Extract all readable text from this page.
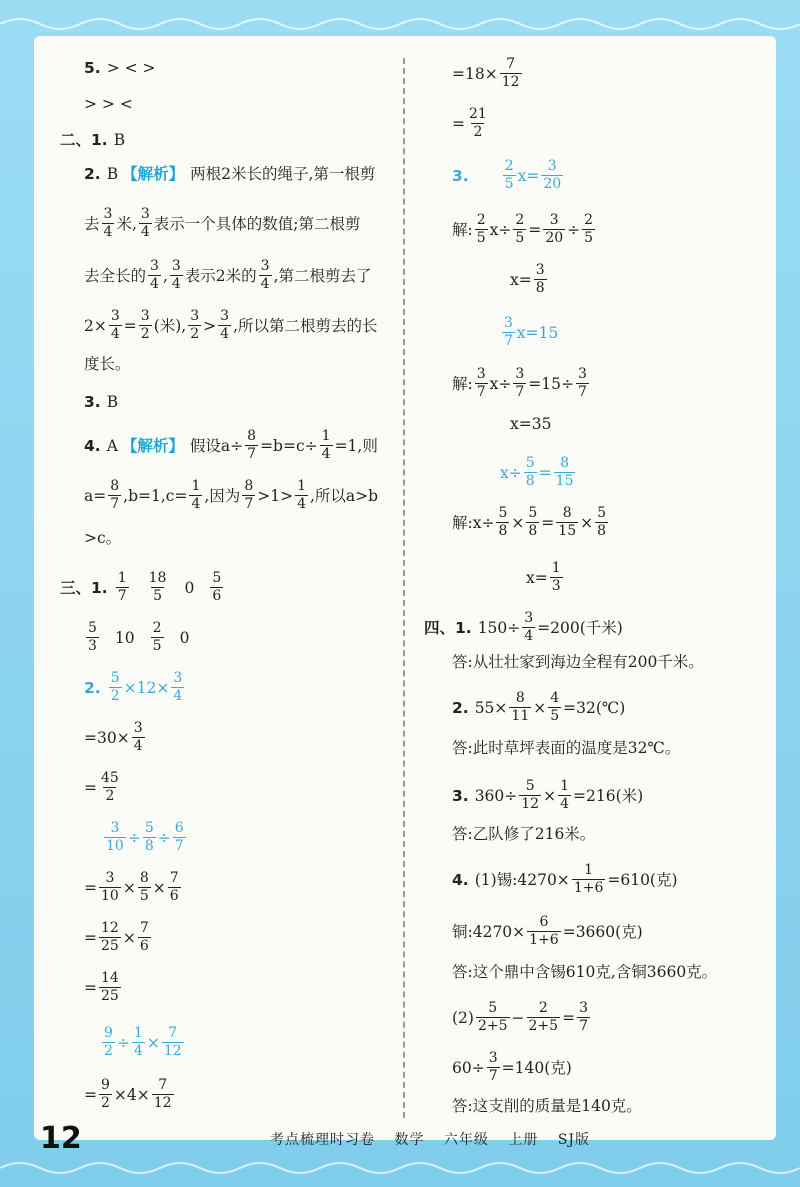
5. > < >
> > <
二、1. B
2. B 【解析】 两根2米长的绳子,第一根剪
去 $\frac{3}{4}$ 米, $\frac{3}{4}$ 表示一个具体的数值;第二根剪
去全长的 $\frac{3}{4}$ , $\frac{3}{4}$ 表示2米的 $\frac{3}{4}$ ,第二根剪去了
$2\times \frac{3}{4} = \frac{3}{2}$ (米), $\frac{3}{2} > \frac{3}{4}$ ,所以第二根剪去的长
度长。
3. B
4. A 【解析】 假设$a\div \frac{8}{7} =b=c\div \frac{1}{4} =1$,则
$a= \frac{8}{7} ,b=1,c= \frac{1}{4}$ ,因为 $\frac{8}{7} >1> \frac{1}{4}$ ,所以a>b
>c。
三、1. $\frac{1}{7} \frac{18}{5} 0 \frac{5}{6}$
$\frac{5}{3} 10 \frac{2}{5} 0$
2. $\frac{5}{2} \times 12\times \frac{3}{4}$
$=30\times \frac{3}{4}$
= $\frac{45}{2}$
$\frac{3}{10} \div \frac{5}{8} \div \frac{6}{7}$
= $\frac{3}{10} \times \frac{8}{5} \times \frac{7}{6}$
= $\frac{12}{25} \times \frac{7}{6}$
= $\frac{14}{25}$
$\frac{9}{2} \div \frac{1}{4} \times \frac{7}{12}$
= $\frac{9}{2} \times 4\times \frac{7}{12}$
$=18\times \frac{7}{12}$
= $\frac{21}{2}$
3. $\frac{2}{5} x= \frac{3}{20}$
解: $\frac{2}{5} x\div \frac{2}{5} = \frac{3}{20} \div \frac{2}{5}$
$x= \frac{3}{8}$
$\frac{3}{7} x=15$
解: $\frac{3}{7} x\div \frac{3}{7} =15\div \frac{3}{7}$
x=35
$x\div \frac{5}{8} = \frac{8}{15}$
解:x÷ $\frac{5}{8} \times \frac{5}{8} = \frac{8}{15} \times \frac{5}{8}$
$x= \frac{1}{3}$
四、1. $150\div \frac{3}{4} =200$(千米)
答:从壮壮家到海边全程有200千米。
2. $55\times \frac{8}{11} \times \frac{4}{5}$ =32(℃)
答:此时草坪表面的温度是32℃。
3. $360\div \frac{5}{12} \times \frac{1}{4} =216$(米)
答:乙队修了216米。
4. (1)锡:4270× $\frac{1}{1+6} =610$(克)
铜:4270× $\frac{6}{1+6} =3660$(克)
答:这个鼎中含锡610克,含铜3660克。
$(2) \frac{5}{2+5} - \frac{2}{2+5} = \frac{3}{7}$
$60\div \frac{3}{7} =140$(克)
答:这支削的质量是140克。
12	考点梳理时习卷 数学 六年级 上册 SJ版
